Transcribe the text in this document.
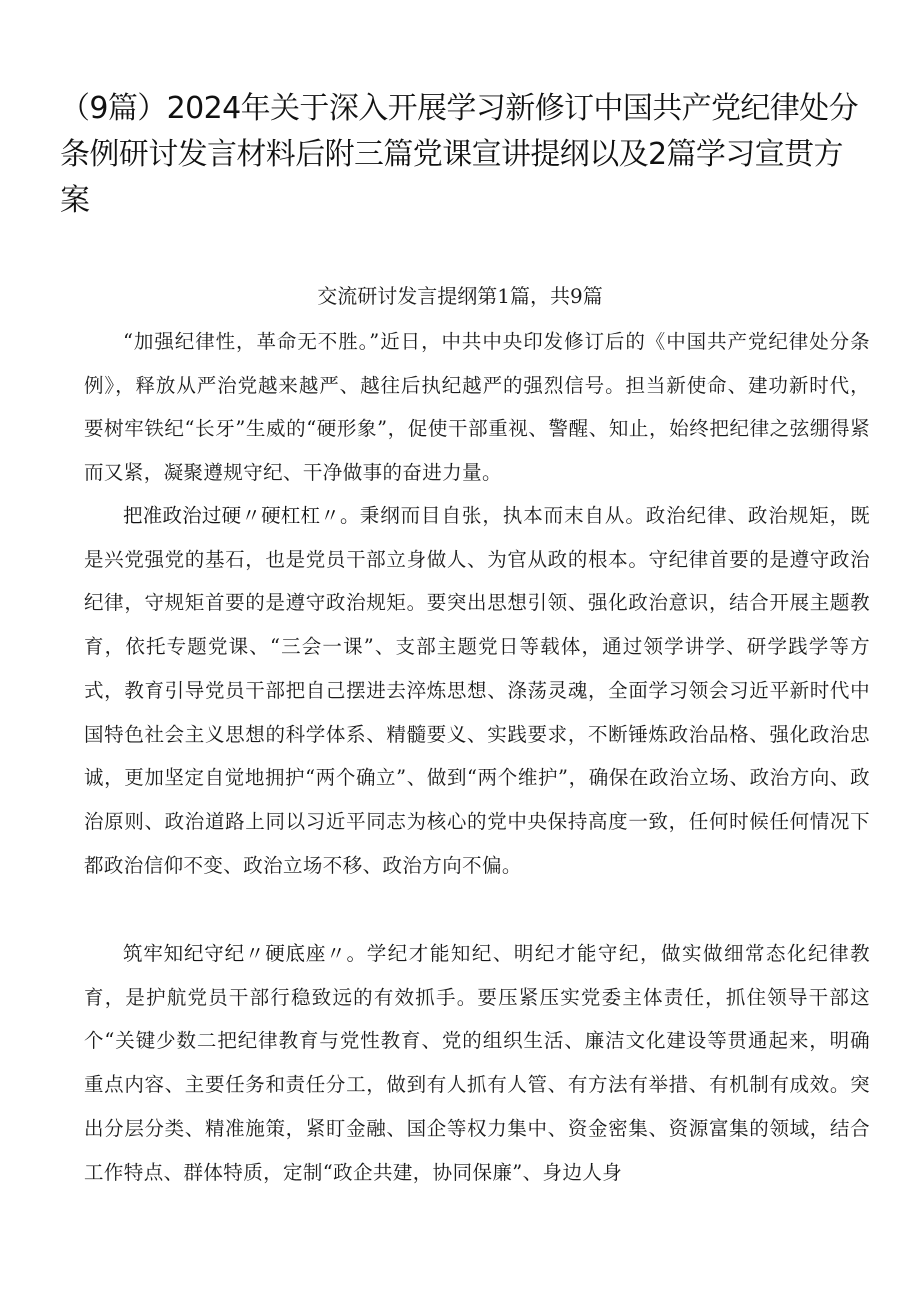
（9篇）2024年关于深入开展学习新修订中国共产党纪律处分条例研讨发言材料后附三篇党课宣讲提纲以及2篇学习宣贯方案

交流研讨发言提纲第1篇，共9篇

“加强纪律性，革命无不胜。”近日，中共中央印发修订后的《中国共产党纪律处分条例》，释放从严治党越来越严、越往后执纪越严的强烈信号。担当新使命、建功新时代，要树牢铁纪“长牙”生威的“硬形象”，促使干部重视、警醒、知止，始终把纪律之弦绷得紧而又紧，凝聚遵规守纪、干净做事的奋进力量。

把准政治过硬〃硬杠杠〃。秉纲而目自张，执本而末自从。政治纪律、政治规矩，既是兴党强党的基石，也是党员干部立身做人、为官从政的根本。守纪律首要的是遵守政治纪律，守规矩首要的是遵守政治规矩。要突出思想引领、强化政治意识，结合开展主题教育，依托专题党课、“三会一课”、支部主题党日等载体，通过领学讲学、研学践学等方式，教育引导党员干部把自己摆进去淬炼思想、涤荡灵魂，全面学习领会习近平新时代中国特色社会主义思想的科学体系、精髓要义、实践要求，不断锤炼政治品格、强化政治忠诚，更加坚定自觉地拥护“两个确立”、做到“两个维护”，确保在政治立场、政治方向、政治原则、政治道路上同以习近平同志为核心的党中央保持高度一致，任何时候任何情况下都政治信仰不变、政治立场不移、政治方向不偏。

筑牢知纪守纪〃硬底座〃。学纪才能知纪、明纪才能守纪，做实做细常态化纪律教育，是护航党员干部行稳致远的有效抓手。要压紧压实党委主体责任，抓住领导干部这个“关键少数二把纪律教育与党性教育、党的组织生活、廉洁文化建设等贯通起来，明确重点内容、主要任务和责任分工，做到有人抓有人管、有方法有举措、有机制有成效。突出分层分类、精准施策，紧盯金融、国企等权力集中、资金密集、资源富集的领域，结合工作特点、群体特质，定制“政企共建，协同保廉”、身边人身
